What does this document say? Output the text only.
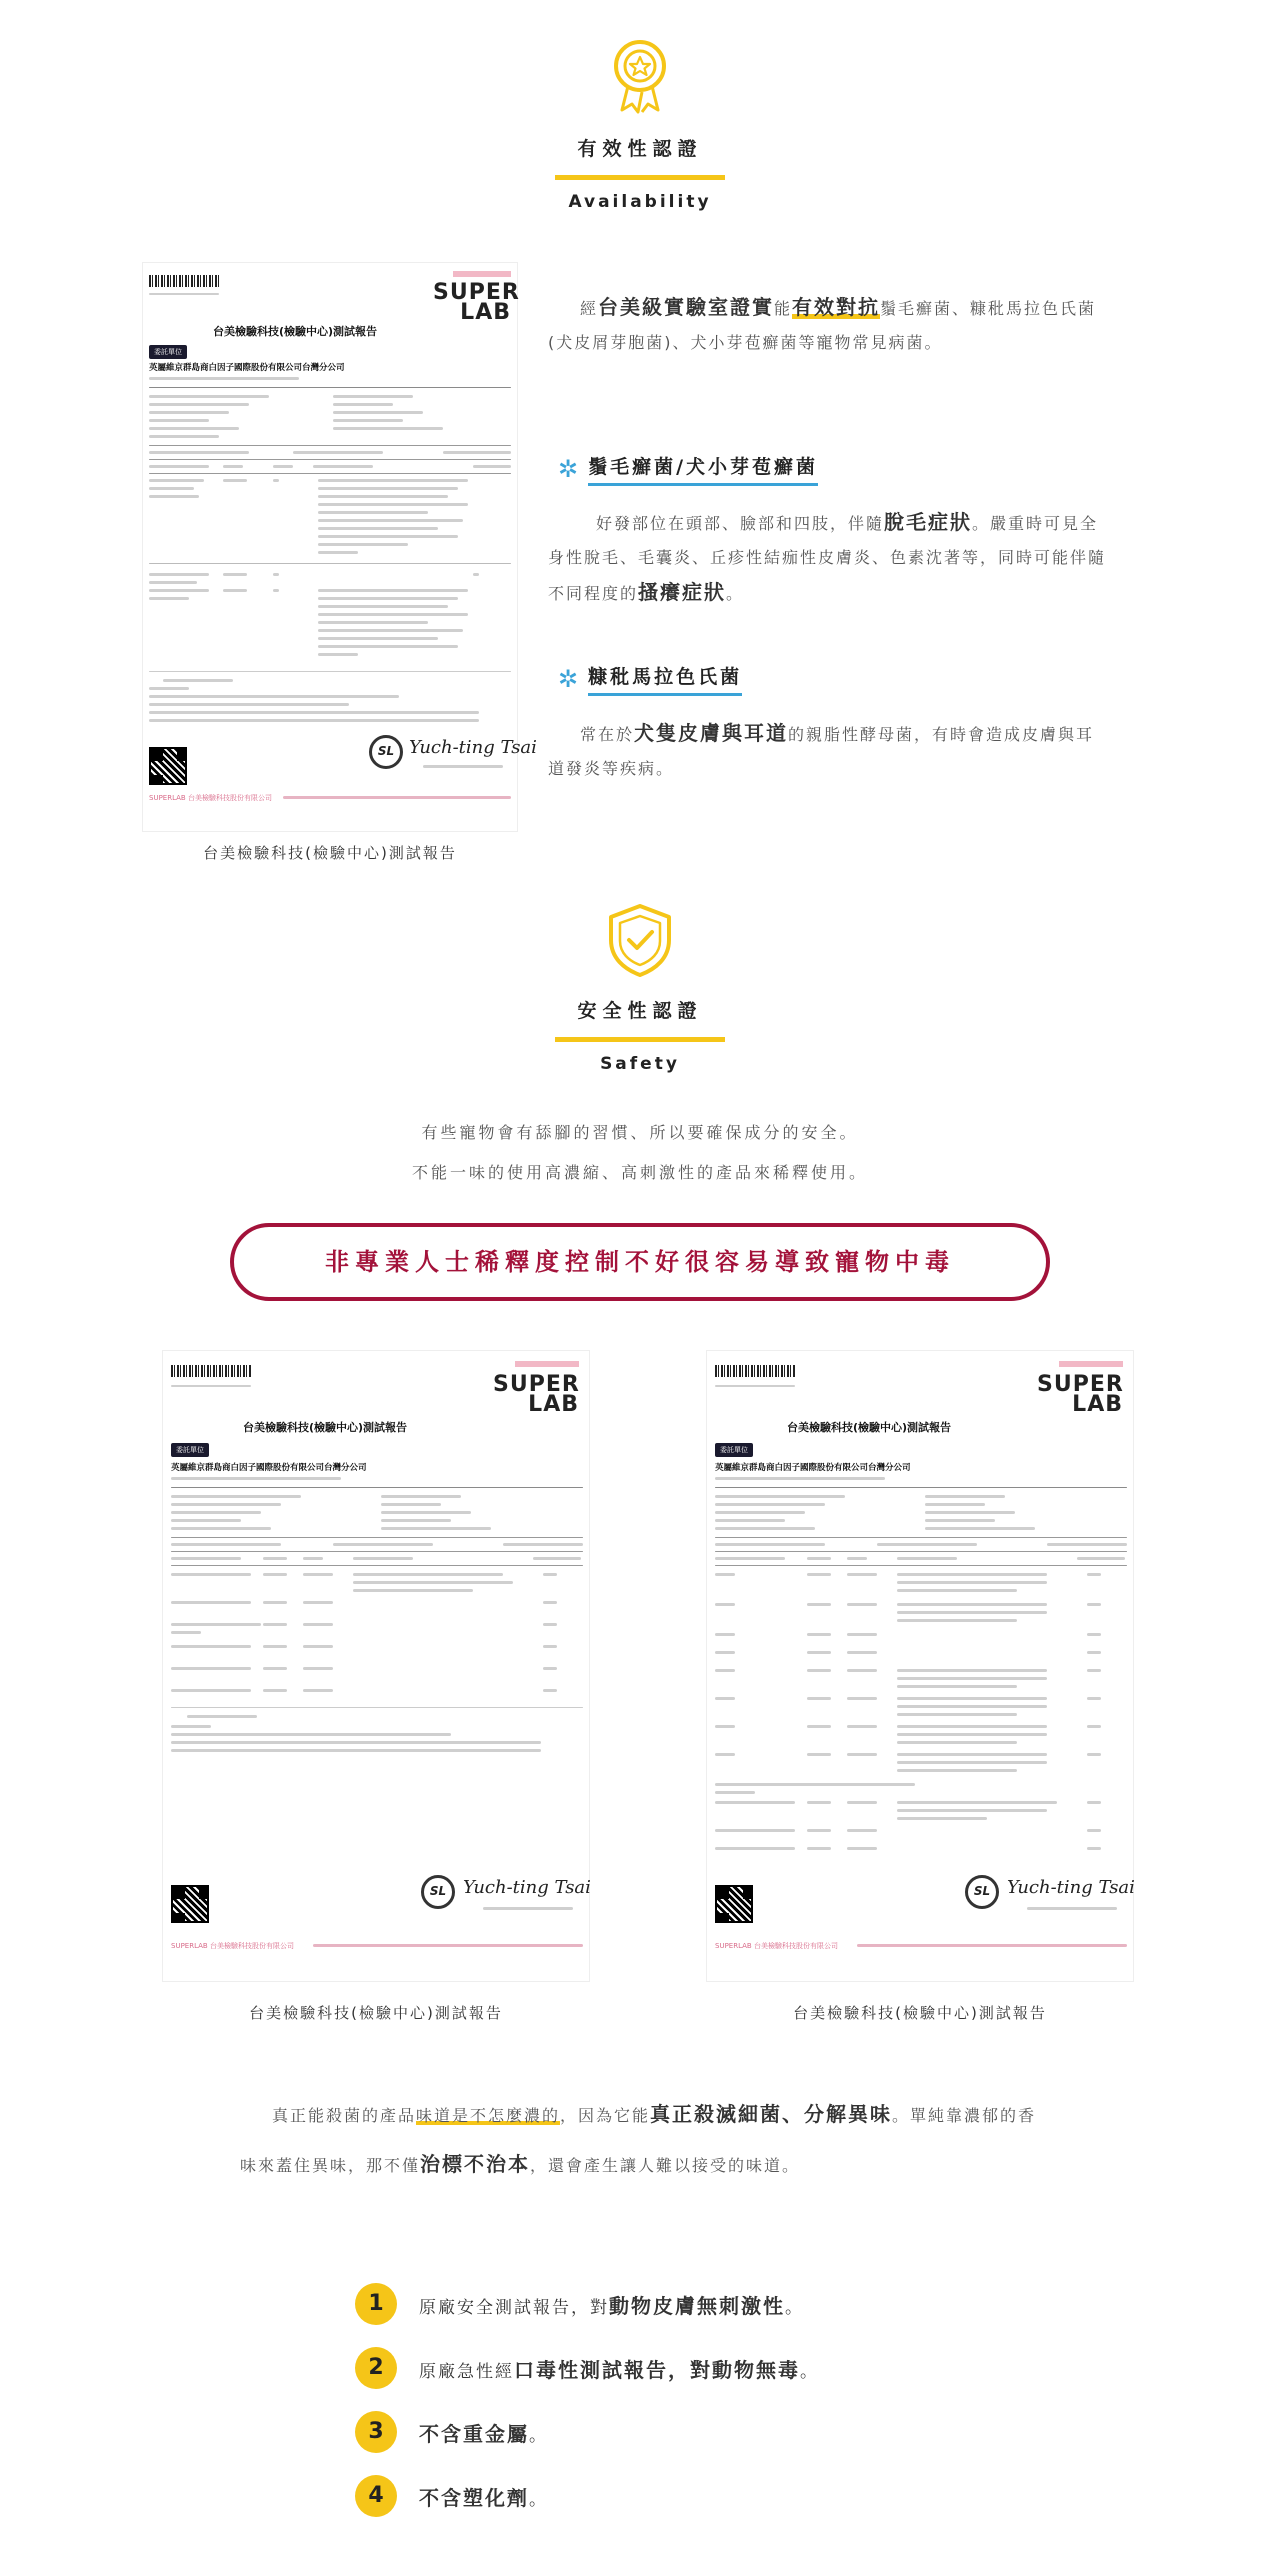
有效性認證
Availability
SUPER
LAB
台美檢驗科技(檢驗中心)測試報告
委託單位
英屬維京群島商白因子國際股份有限公司台灣分公司
SL Yuch-ting Tsai
SUPERLAB 台美檢驗科技股份有限公司
台美檢驗科技(檢驗中心)測試報告
經台美級實驗室證實能有效對抗鬚毛癬菌、糠秕馬拉色氏菌(犬皮屑芽胞菌)、犬小芽苞癬菌等寵物常見病菌。
✲ 鬚毛癬菌/犬小芽苞癬菌
好發部位在頭部、臉部和四肢，伴隨脫毛症狀。嚴重時可見全身性脫毛、毛囊炎、丘疹性結痂性皮膚炎、色素沈著等，同時可能伴隨不同程度的搔癢症狀。
✲ 糠秕馬拉色氏菌
常在於犬隻皮膚與耳道的親脂性酵母菌，有時會造成皮膚與耳道發炎等疾病。
安全性認證
Safety
有些寵物會有舔腳的習慣、所以要確保成分的安全。
不能一味的使用高濃縮、高刺激性的產品來稀釋使用。
非專業人士稀釋度控制不好很容易導致寵物中毒
SUPER
LAB
台美檢驗科技(檢驗中心)測試報告
委託單位
英屬維京群島商白因子國際股份有限公司台灣分公司
SL Yuch-ting Tsai
SUPERLAB 台美檢驗科技股份有限公司
台美檢驗科技(檢驗中心)測試報告
SUPER
LAB
台美檢驗科技(檢驗中心)測試報告
委託單位
英屬維京群島商白因子國際股份有限公司台灣分公司
SL Yuch-ting Tsai
SUPERLAB 台美檢驗科技股份有限公司
台美檢驗科技(檢驗中心)測試報告
真正能殺菌的產品味道是不怎麼濃的，因為它能真正殺滅細菌、分解異味。單純靠濃郁的香味來蓋住異味，那不僅治標不治本，還會產生讓人難以接受的味道。
1	原廠安全測試報告，對動物皮膚無刺激性。
2	原廠急性經口毒性測試報告，對動物無毒。
3	不含重金屬。
4	不含塑化劑。
